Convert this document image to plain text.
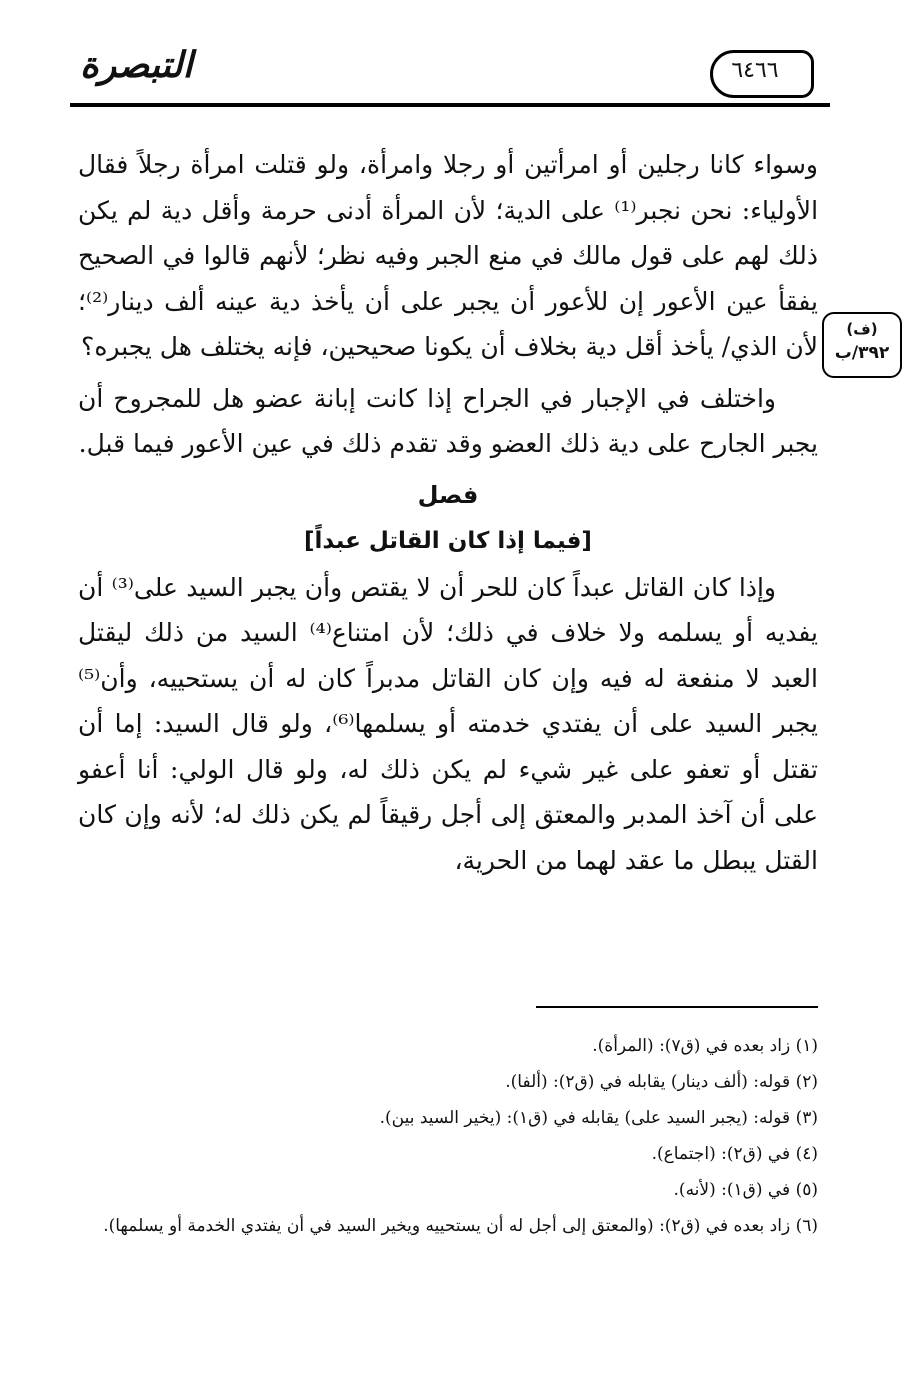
التبصرة	٦٤٦٦
(ف)
٣٩٢/ب

وسواء كانا رجلين أو امرأتين أو رجلا وامرأة، ولو قتلت امرأة رجلاً فقال الأولياء: نحن نجبر⁽¹⁾ على الدية؛ لأن المرأة أدنى حرمة وأقل دية لم يكن ذلك لهم على قول مالك في منع الجبر وفيه نظر؛ لأنهم قالوا في الصحيح يفقأ عين الأعور إن للأعور أن يجبر على أن يأخذ دية عينه ألف دينار⁽²⁾؛ لأن الذي/ يأخذ أقل دية بخلاف أن يكونا صحيحين، فإنه يختلف هل يجبره؟

واختلف في الإجبار في الجراح إذا كانت إبانة عضو هل للمجروح أن يجبر الجارح على دية ذلك العضو وقد تقدم ذلك في عين الأعور فيما قبل.

فصل

[فيما إذا كان القاتل عبداً]

وإذا كان القاتل عبداً كان للحر أن لا يقتص وأن يجبر السيد على⁽³⁾ أن يفديه أو يسلمه ولا خلاف في ذلك؛ لأن امتناع⁽⁴⁾ السيد من ذلك ليقتل العبد لا منفعة له فيه وإن كان القاتل مدبراً كان له أن يستحييه، وأن⁽⁵⁾ يجبر السيد على أن يفتدي خدمته أو يسلمها⁽⁶⁾، ولو قال السيد: إما أن تقتل أو تعفو على غير شيء لم يكن ذلك له، ولو قال الولي: أنا أعفو على أن آخذ المدبر والمعتق إلى أجل رقيقاً لم يكن ذلك له؛ لأنه وإن كان القتل يبطل ما عقد لهما من الحرية،

(١) زاد بعده في (ق٧): (المرأة).
(٢) قوله: (ألف دينار) يقابله في (ق٢): (ألفا).
(٣) قوله: (يجبر السيد على) يقابله في (ق١): (يخير السيد بين).
(٤) في (ق٢): (اجتماع).
(٥) في (ق١): (لأنه).
(٦) زاد بعده في (ق٢): (والمعتق إلى أجل له أن يستحييه ويخير السيد في أن يفتدي الخدمة أو يسلمها).
